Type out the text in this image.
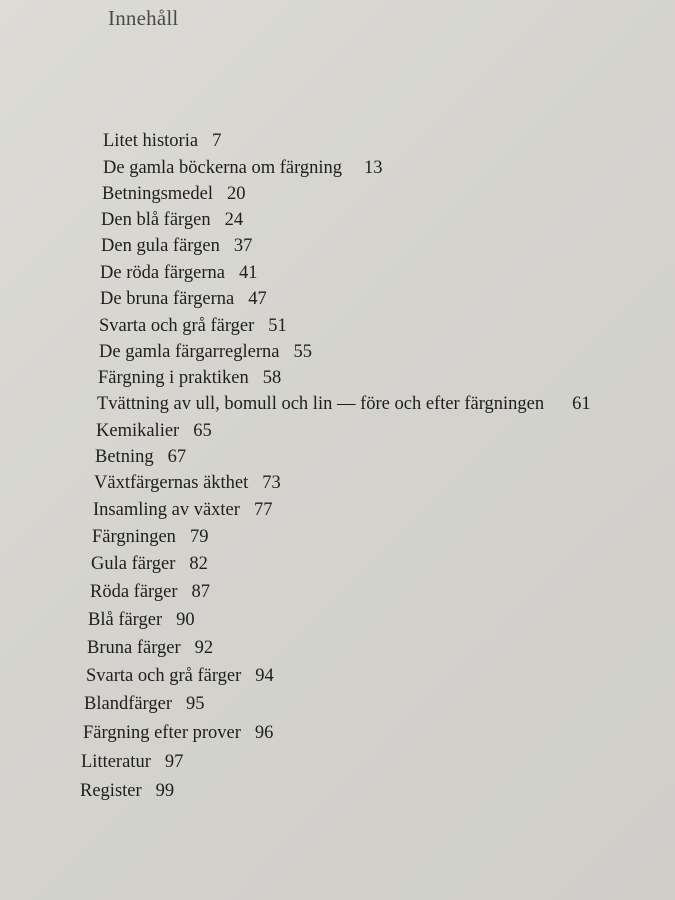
Innehåll
Litet historia 7
De gamla böckerna om färgning 13
Betningsmedel 20
Den blå färgen 24
Den gula färgen 37
De röda färgerna 41
De bruna färgerna 47
Svarta och grå färger 51
De gamla färgarreglerna 55
Färgning i praktiken 58
Tvättning av ull, bomull och lin — före och efter färgningen 61
Kemikalier 65
Betning 67
Växtfärgernas äkthet 73
Insamling av växter 77
Färgningen 79
Gula färger 82
Röda färger 87
Blå färger 90
Bruna färger 92
Svarta och grå färger 94
Blandfärger 95
Färgning efter prover 96
Litteratur 97
Register 99
